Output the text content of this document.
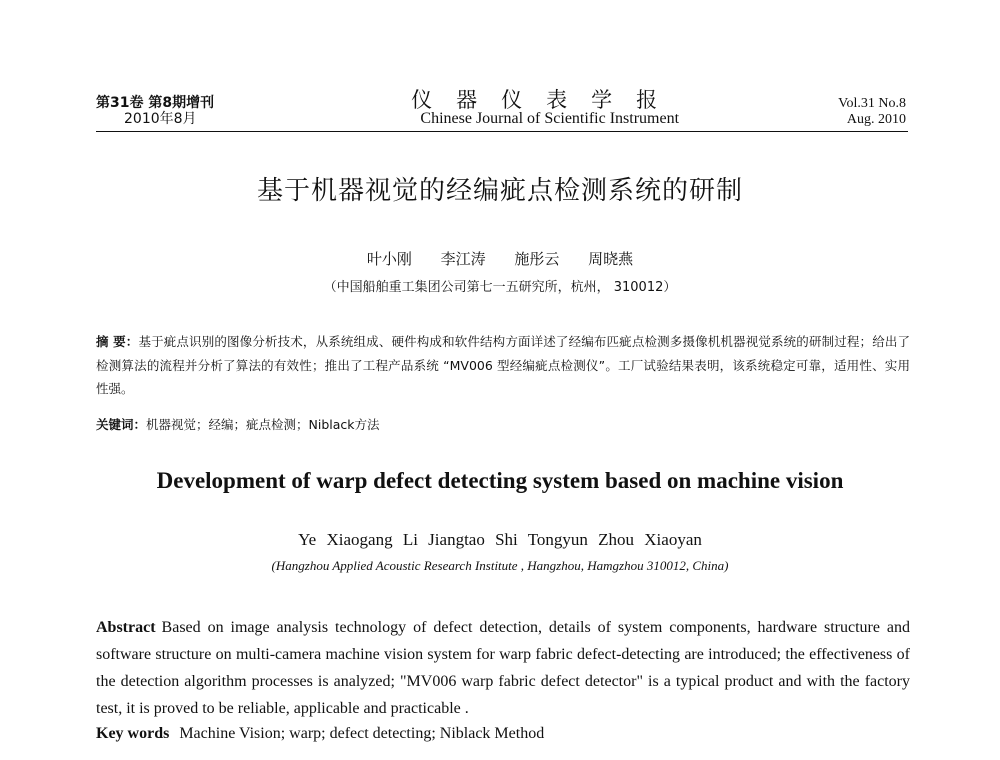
第31卷 第8期增刊	仪器仪表学报	Vol.31 No.8
2010年8月	Chinese Journal of Scientific Instrument	Aug. 2010
基于机器视觉的经编疵点检测系统的研制
叶小刚 李江涛 施彤云 周晓燕
（中国船舶重工集团公司第七一五研究所，杭州， 310012）
摘 要：基于疵点识别的图像分析技术，从系统组成、硬件构成和软件结构方面详述了经编布匹疵点检测多摄像机机器视觉系统的研制过程；给出了检测算法的流程并分析了算法的有效性；推出了工程产品系统 “MV006 型经编疵点检测仪”。工厂试验结果表明，该系统稳定可靠，适用性、实用性强。
关键词：机器视觉；经编；疵点检测；Niblack方法
Development of warp defect detecting system based on machine vision
Ye Xiaogang Li Jiangtao Shi Tongyun Zhou Xiaoyan
(Hangzhou Applied Acoustic Research Institute , Hangzhou, Hamgzhou 310012, China)
Abstract Based on image analysis technology of defect detection, details of system components, hardware structure and software structure on multi-camera machine vision system for warp fabric defect-detecting are introduced; the effectiveness of the detection algorithm processes is analyzed; "MV006 warp fabric defect detector" is a typical product and with the factory test, it is proved to be reliable, applicable and practicable .
Key words Machine Vision; warp; defect detecting; Niblack Method
